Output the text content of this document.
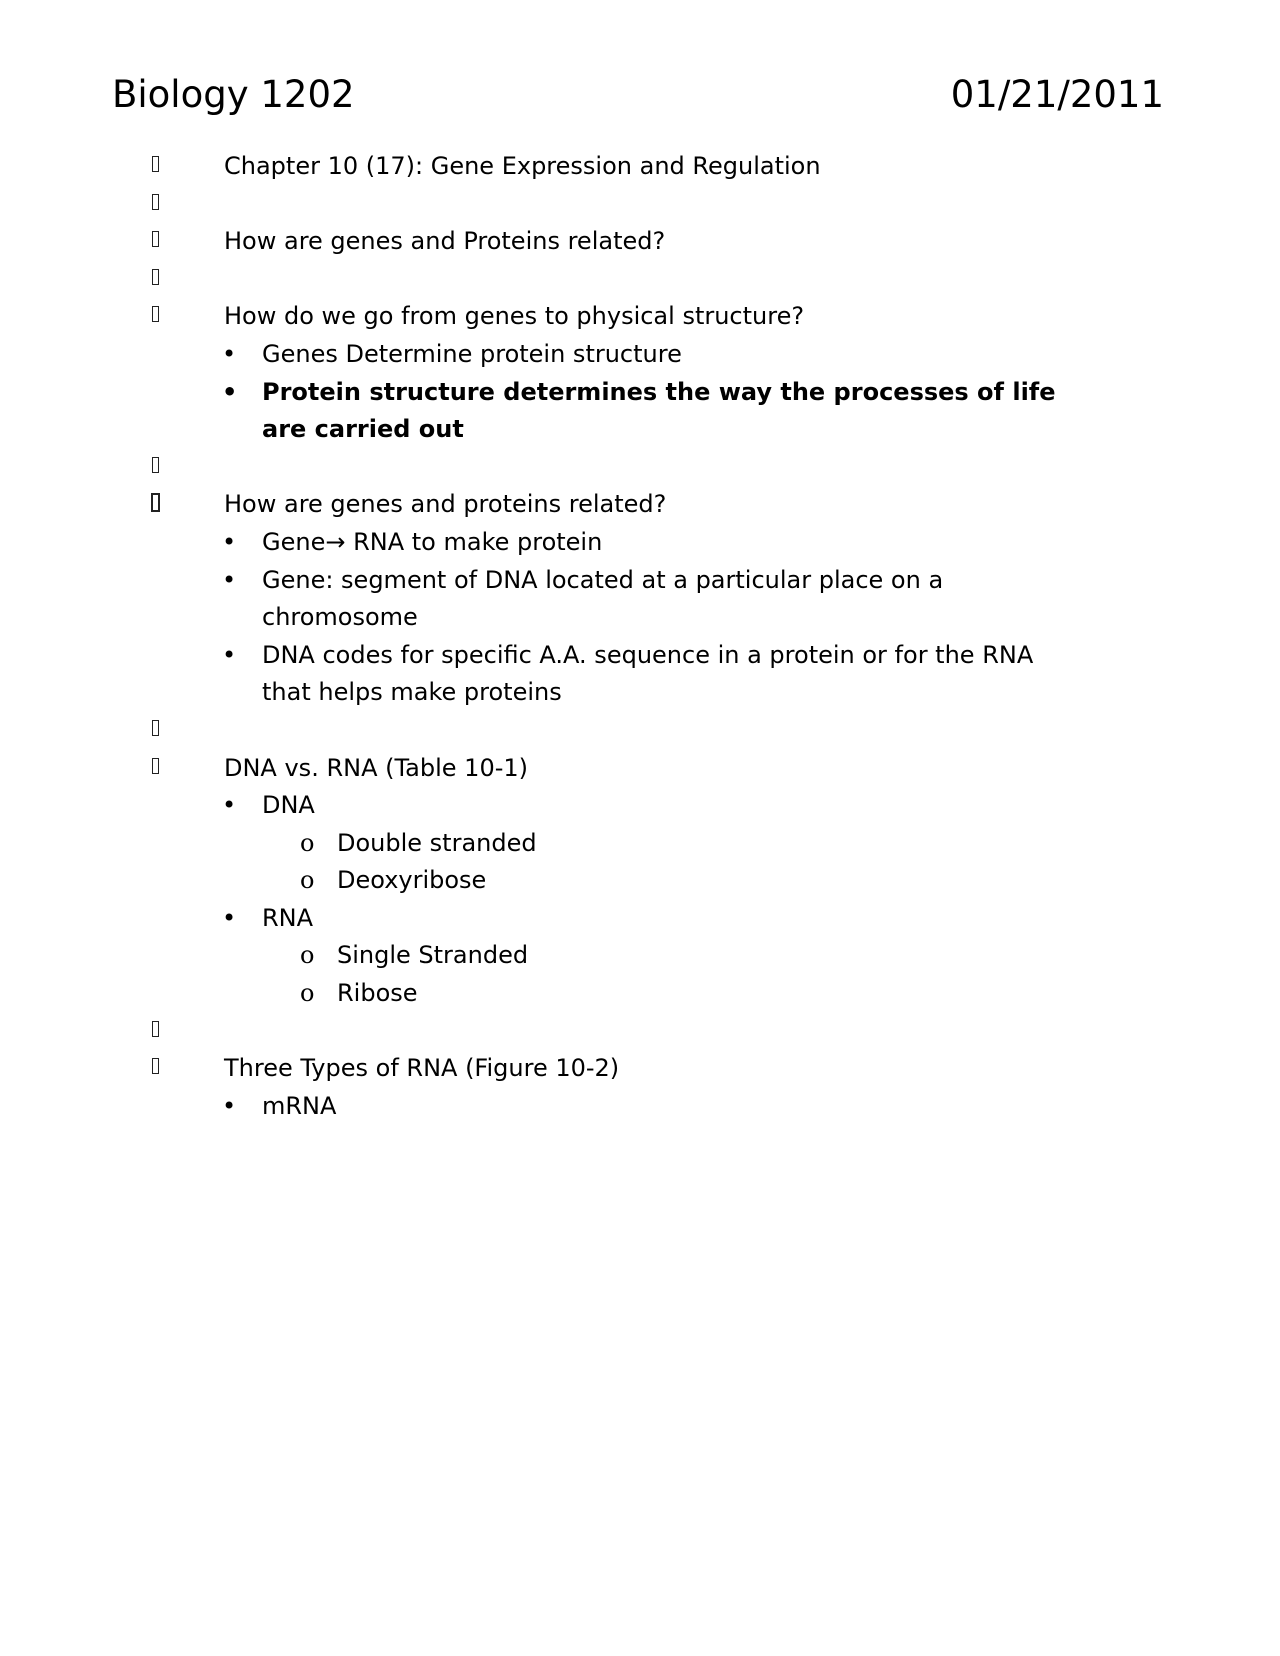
Biology 1202	01/21/2011
Chapter 10 (17): Gene Expression and Regulation
How are genes and Proteins related?
How do we go from genes to physical structure?
• Genes Determine protein structure
• Protein structure determines the way the processes of life
are carried out
How are genes and proteins related?
• Gene→ RNA to make protein
• Gene: segment of DNA located at a particular place on a
chromosome
• DNA codes for specific A.A. sequence in a protein or for the RNA
that helps make proteins
DNA vs. RNA (Table 10-1)
• DNA
o Double stranded
o Deoxyribose
• RNA
o Single Stranded
o Ribose
Three Types of RNA (Figure 10-2)
• mRNA
